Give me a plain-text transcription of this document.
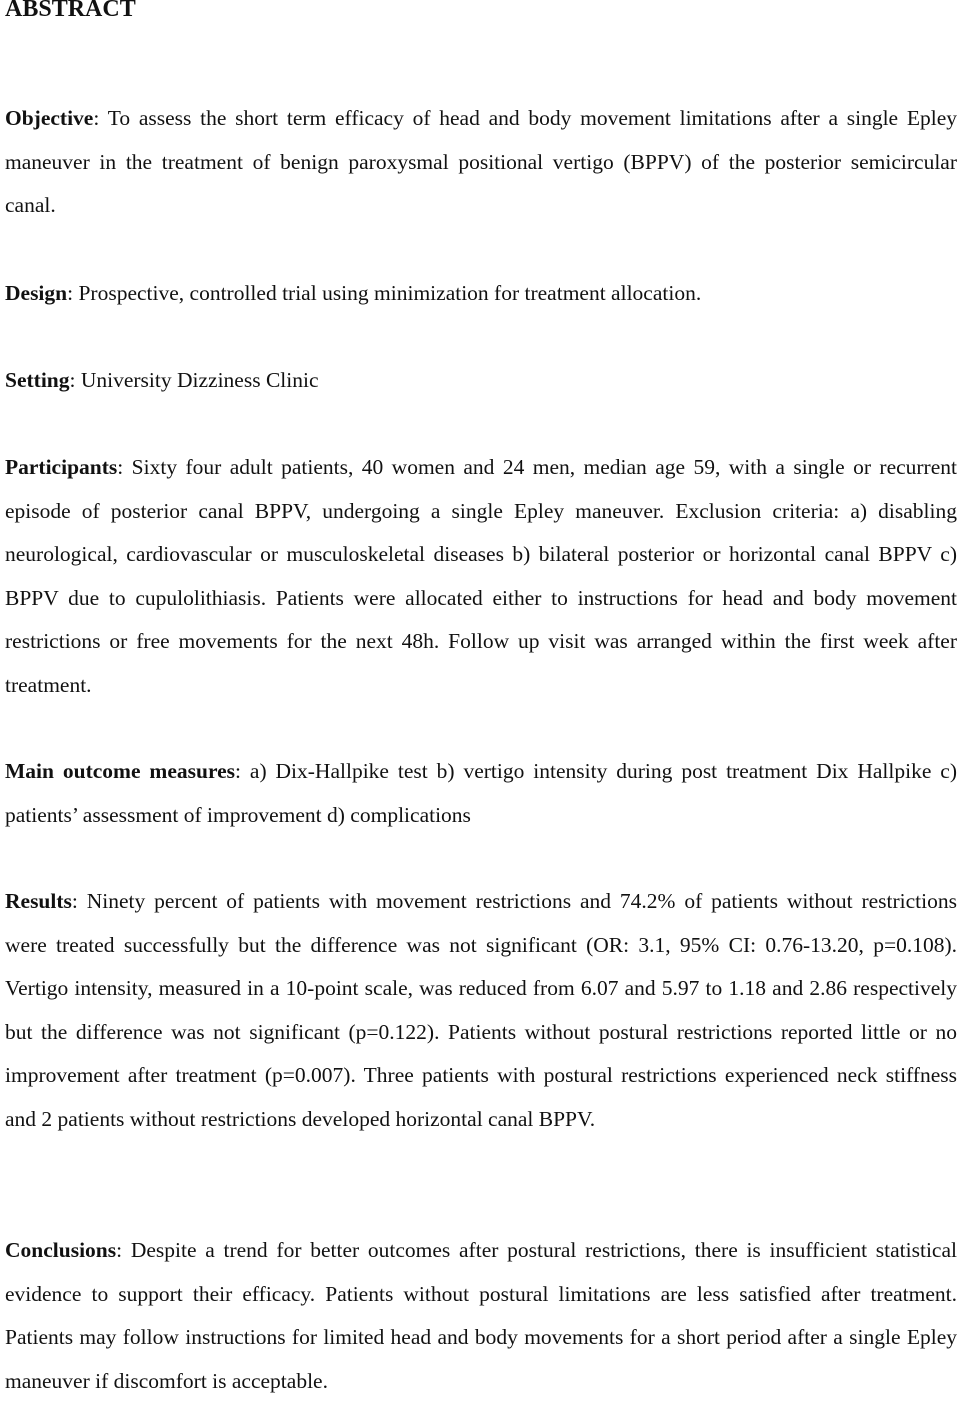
ABSTRACT

Objective: To assess the short term efficacy of head and body movement limitations after a single Epley maneuver in the treatment of benign paroxysmal positional vertigo (BPPV) of the posterior semicircular canal.

Design: Prospective, controlled trial using minimization for treatment allocation.

Setting: University Dizziness Clinic

Participants: Sixty four adult patients, 40 women and 24 men, median age 59, with a single or recurrent episode of posterior canal BPPV, undergoing a single Epley maneuver. Exclusion criteria: a) disabling neurological, cardiovascular or musculoskeletal diseases b) bilateral posterior or horizontal canal BPPV c) BPPV due to cupulolithiasis. Patients were allocated either to instructions for head and body movement restrictions or free movements for the next 48h. Follow up visit was arranged within the first week after treatment.

Main outcome measures: a) Dix-Hallpike test b) vertigo intensity during post treatment Dix Hallpike c) patients’ assessment of improvement d) complications

Results: Ninety percent of patients with movement restrictions and 74.2% of patients without restrictions were treated successfully but the difference was not significant (OR: 3.1, 95% CI: 0.76-13.20, p=0.108). Vertigo intensity, measured in a 10-point scale, was reduced from 6.07 and 5.97 to 1.18 and 2.86 respectively but the difference was not significant (p=0.122). Patients without postural restrictions reported little or no improvement after treatment (p=0.007). Three patients with postural restrictions experienced neck stiffness and 2 patients without restrictions developed horizontal canal BPPV.

Conclusions: Despite a trend for better outcomes after postural restrictions, there is insufficient statistical evidence to support their efficacy. Patients without postural limitations are less satisfied after treatment. Patients may follow instructions for limited head and body movements for a short period after a single Epley maneuver if discomfort is acceptable.
